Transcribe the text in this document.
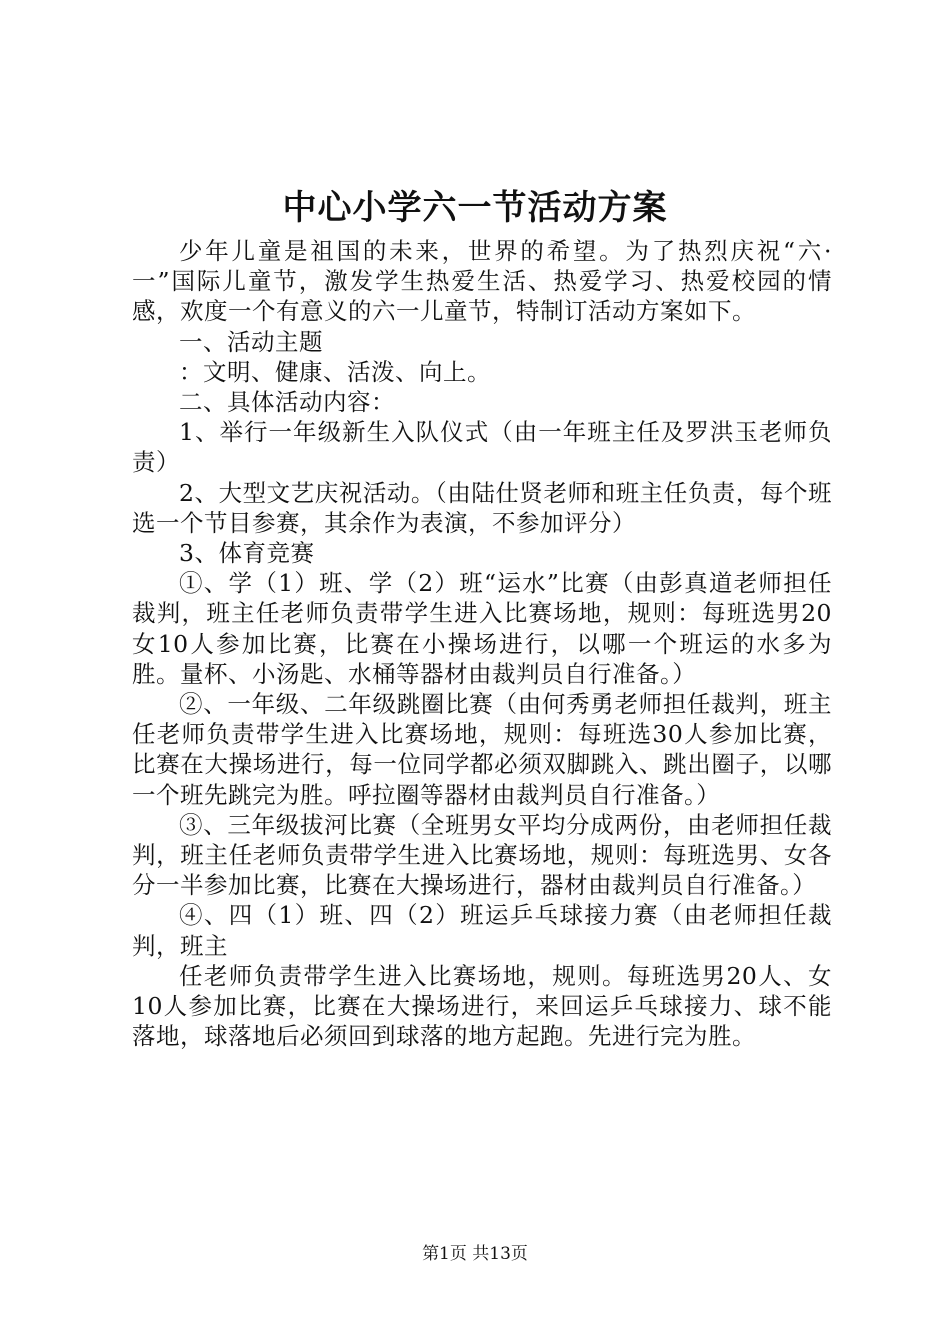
中心小学六一节活动方案

少年儿童是祖国的未来，世界的希望。为了热烈庆祝“六·一”国际儿童节，激发学生热爱生活、热爱学习、热爱校园的情感，欢度一个有意义的六一儿童节，特制订活动方案如下。

一、活动主题

：文明、健康、活泼、向上。

二、具体活动内容：

1、举行一年级新生入队仪式（由一年班主任及罗洪玉老师负责）

2、大型文艺庆祝活动。（由陆仕贤老师和班主任负责，每个班选一个节目参赛，其余作为表演，不参加评分）

3、体育竞赛

①、学（1）班、学（2）班“运水”比赛（由彭真道老师担任裁判，班主任老师负责带学生进入比赛场地，规则：每班选男20女10人参加比赛，比赛在小操场进行，以哪一个班运的水多为胜。量杯、小汤匙、水桶等器材由裁判员自行准备。）

②、一年级、二年级跳圈比赛（由何秀勇老师担任裁判，班主任老师负责带学生进入比赛场地，规则：每班选30人参加比赛，比赛在大操场进行，每一位同学都必须双脚跳入、跳出圈子，以哪一个班先跳完为胜。呼拉圈等器材由裁判员自行准备。）

③、三年级拔河比赛（全班男女平均分成两份，由老师担任裁判，班主任老师负责带学生进入比赛场地，规则：每班选男、女各分一半参加比赛，比赛在大操场进行，器材由裁判员自行准备。）

④、四（1）班、四（2）班运乒乓球接力赛（由老师担任裁判，班主

任老师负责带学生进入比赛场地，规则。每班选男20人、女10人参加比赛，比赛在大操场进行，来回运乒乓球接力、球不能落地，球落地后必须回到球落的地方起跑。先进行完为胜。

第1页 共13页
